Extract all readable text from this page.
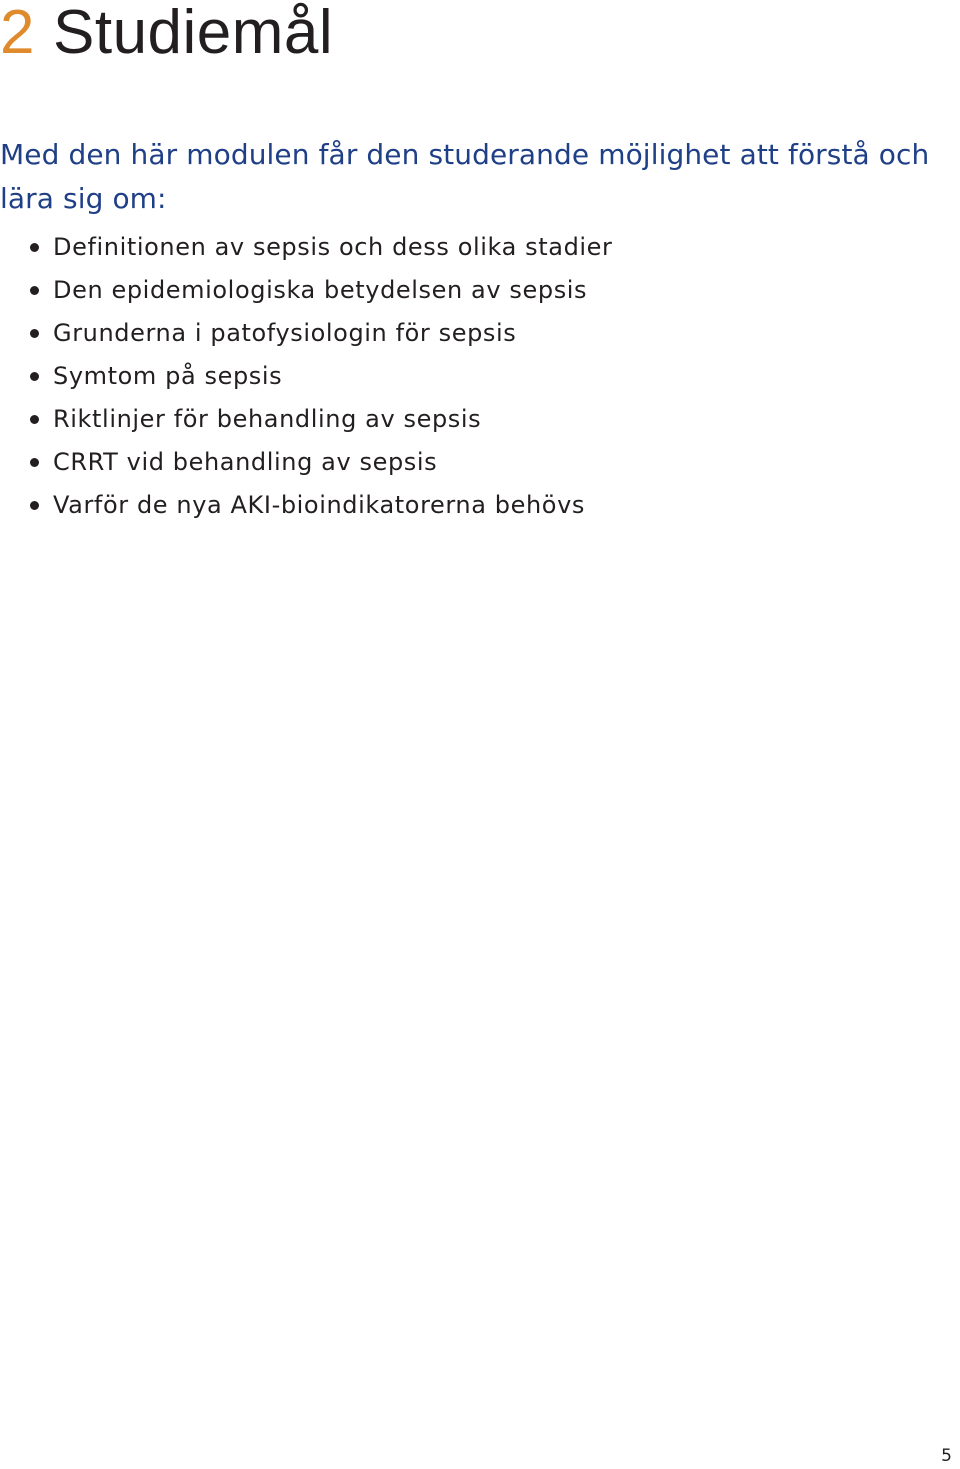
2 Studiemål

Med den här modulen får den studerande möjlighet att förstå och lära sig om:

Definitionen av sepsis och dess olika stadier
Den epidemiologiska betydelsen av sepsis
Grunderna i patofysiologin för sepsis
Symtom på sepsis
Riktlinjer för behandling av sepsis
CRRT vid behandling av sepsis
Varför de nya AKI-bioindikatorerna behövs
5
